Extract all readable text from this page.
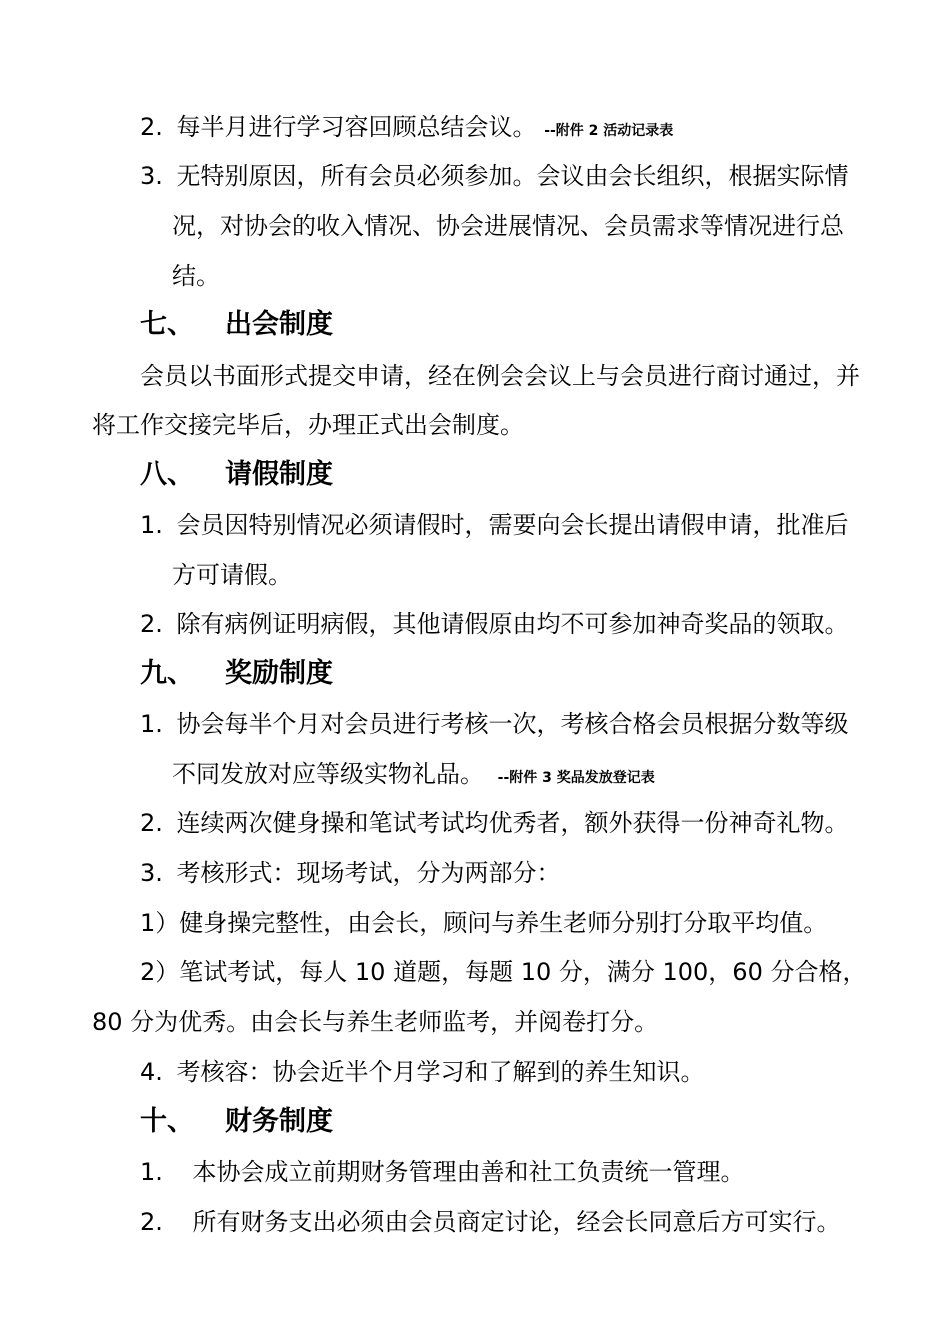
2. 每半月进行学习容回顾总结会议。 --附件 2 活动记录表
3. 无特别原因，所有会员必须参加。会议由会长组织，根据实际情
况，对协会的收入情况、协会进展情况、会员需求等情况进行总
结。
七、 出会制度
会员以书面形式提交申请，经在例会会议上与会员进行商讨通过，并
将工作交接完毕后，办理正式出会制度。
八、 请假制度
1. 会员因特别情况必须请假时，需要向会长提出请假申请，批准后
方可请假。
2. 除有病例证明病假，其他请假原由均不可参加神奇奖品的领取。
九、 奖励制度
1. 协会每半个月对会员进行考核一次，考核合格会员根据分数等级
不同发放对应等级实物礼品。 --附件 3 奖品发放登记表
2. 连续两次健身操和笔试考试均优秀者，额外获得一份神奇礼物。
3. 考核形式：现场考试，分为两部分：
1）健身操完整性，由会长，顾问与养生老师分别打分取平均值。
2）笔试考试，每人 10 道题，每题 10 分，满分 100，60 分合格，
80 分为优秀。由会长与养生老师监考，并阅卷打分。
4. 考核容：协会近半个月学习和了解到的养生知识。
十、 财务制度
1. 本协会成立前期财务管理由善和社工负责统一管理。
2. 所有财务支出必须由会员商定讨论，经会长同意后方可实行。
